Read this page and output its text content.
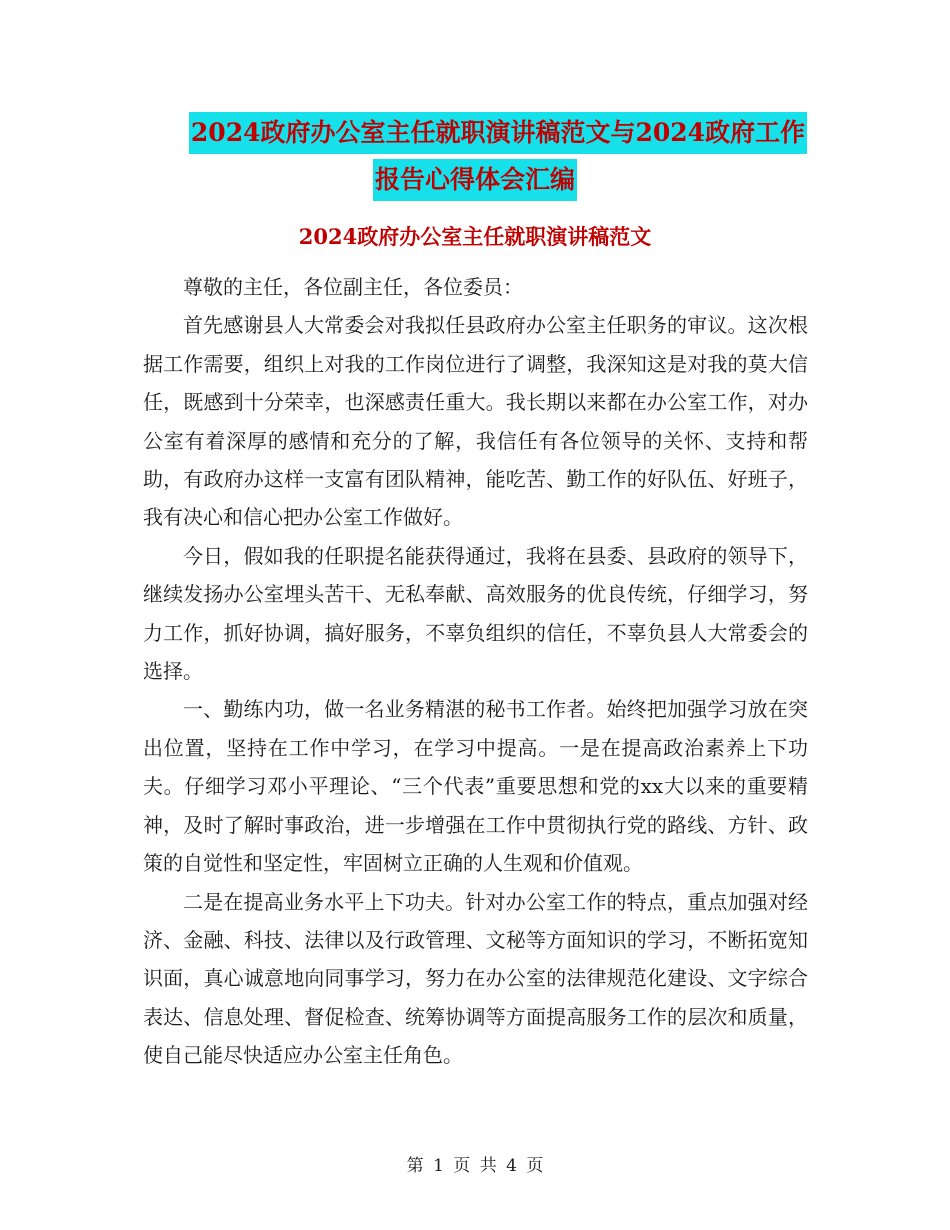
2024政府办公室主任就职演讲稿范文与2024政府工作
报告心得体会汇编
2024政府办公室主任就职演讲稿范文

尊敬的主任，各位副主任，各位委员：

首先感谢县人大常委会对我拟任县政府办公室主任职务的审议。这次根据工作需要，组织上对我的工作岗位进行了调整，我深知这是对我的莫大信任，既感到十分荣幸，也深感责任重大。我长期以来都在办公室工作，对办公室有着深厚的感情和充分的了解，我信任有各位领导的关怀、支持和帮助，有政府办这样一支富有团队精神，能吃苦、勤工作的好队伍、好班子，我有决心和信心把办公室工作做好。

今日，假如我的任职提名能获得通过，我将在县委、县政府的领导下，继续发扬办公室埋头苦干、无私奉献、高效服务的优良传统，仔细学习，努力工作，抓好协调，搞好服务，不辜负组织的信任，不辜负县人大常委会的选择。

一、勤练内功，做一名业务精湛的秘书工作者。始终把加强学习放在突出位置，坚持在工作中学习，在学习中提高。一是在提高政治素养上下功夫。仔细学习邓小平理论、“三个代表”重要思想和党的xx大以来的重要精神，及时了解时事政治，进一步增强在工作中贯彻执行党的路线、方针、政策的自觉性和坚定性，牢固树立正确的人生观和价值观。

二是在提高业务水平上下功夫。针对办公室工作的特点，重点加强对经济、金融、科技、法律以及行政管理、文秘等方面知识的学习，不断拓宽知识面，真心诚意地向同事学习，努力在办公室的法律规范化建设、文字综合表达、信息处理、督促检查、统筹协调等方面提高服务工作的层次和质量，使自己能尽快适应办公室主任角色。

第 1 页 共 4 页
